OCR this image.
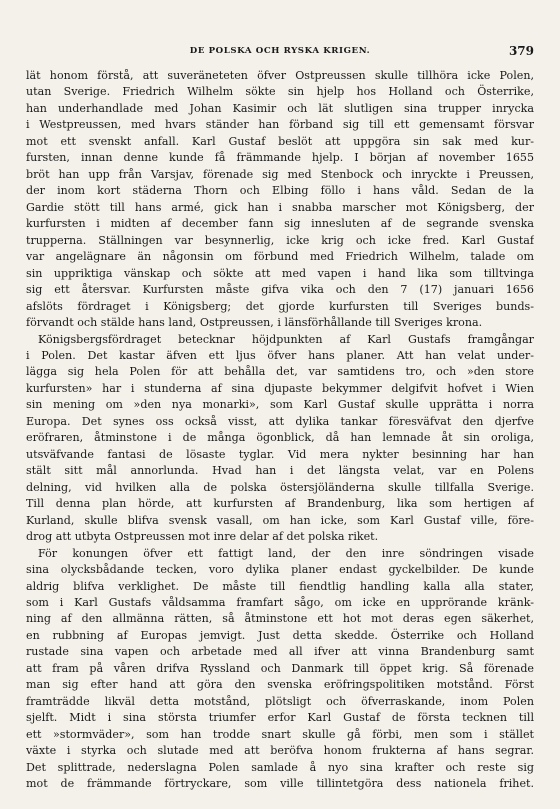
DE POLSKA OCH RYSKA KRIGEN.	379
lät honom förstå, att suveräneteten öfver Ostpreussen skulle tillhöra icke Polen,
utan Sverige. Friedrich Wilhelm sökte sin hjelp hos Holland och Österrike,
han underhandlade med Johan Kasimir och lät slutligen sina trupper inrycka
i Westpreussen, med hvars ständer han förband sig till ett gemensamt försvar
mot ett svenskt anfall. Karl Gustaf beslöt att uppgöra sin sak med kur-
fursten, innan denne kunde få främmande hjelp. I början af november 1655
bröt han upp från Varsjav, förenade sig med Stenbock och inryckte i Preussen,
der inom kort städerna Thorn och Elbing föllo i hans våld. Sedan de la
Gardie stött till hans armé, gick han i snabba marscher mot Königsberg, der
kurfursten i midten af december fann sig innesluten af de segrande svenska
trupperna. Ställningen var besynnerlig, icke krig och icke fred. Karl Gustaf
var angelägnare än någonsin om förbund med Friedrich Wilhelm, talade om
sin uppriktiga vänskap och sökte att med vapen i hand lika som tilltvinga
sig ett återsvar. Kurfursten måste gifva vika och den 7 (17) januari 1656
afslöts fördraget i Königsberg; det gjorde kurfursten till Sveriges bunds-
förvandt och stälde hans land, Ostpreussen, i länsförhållande till Sveriges krona.
Königsbergsfördraget betecknar höjdpunkten af Karl Gustafs framgångar
i Polen. Det kastar äfven ett ljus öfver hans planer. Att han velat under-
lägga sig hela Polen för att behålla det, var samtidens tro, och »den store
kurfursten» har i stunderna af sina djupaste bekymmer delgifvit hofvet i Wien
sin mening om »den nya monarki», som Karl Gustaf skulle upprätta i norra
Europa. Det synes oss också visst, att dylika tankar föresväfvat den djerfve
eröfraren, åtminstone i de många ögonblick, då han lemnade åt sin oroliga,
utsväfvande fantasi de lösaste tyglar. Vid mera nykter besinning har han
stält sitt mål annorlunda. Hvad han i det längsta velat, var en Polens
delning, vid hvilken alla de polska östersjöländerna skulle tillfalla Sverige.
Till denna plan hörde, att kurfursten af Brandenburg, lika som hertigen af
Kurland, skulle blifva svensk vasall, om han icke, som Karl Gustaf ville, före-
drog att utbyta Ostpreussen mot inre delar af det polska riket.
För konungen öfver ett fattigt land, der den inre söndringen visade
sina olycksbådande tecken, voro dylika planer endast gyckelbilder. De kunde
aldrig blifva verklighet. De måste till fiendtlig handling kalla alla stater,
som i Karl Gustafs våldsamma framfart sågo, om icke en upprörande kränk-
ning af den allmänna rätten, så åtminstone ett hot mot deras egen säkerhet,
en rubbning af Europas jemvigt. Just detta skedde. Österrike och Holland
rustade sina vapen och arbetade med all ifver att vinna Brandenburg samt
att fram på våren drifva Ryssland och Danmark till öppet krig. Så förenade
man sig efter hand att göra den svenska eröfringspolitiken motstånd. Först
framträdde likväl detta motstånd, plötsligt och öfverraskande, inom Polen
sjelft. Midt i sina största triumfer erfor Karl Gustaf de första tecknen till
ett »stormväder», som han trodde snart skulle gå förbi, men som i stället
växte i styrka och slutade med att beröfva honom frukterna af hans segrar.
Det splittrade, nederslagna Polen samlade å nyo sina krafter och reste sig
mot de främmande förtryckare, som ville tillintetgöra dess nationela frihet.
